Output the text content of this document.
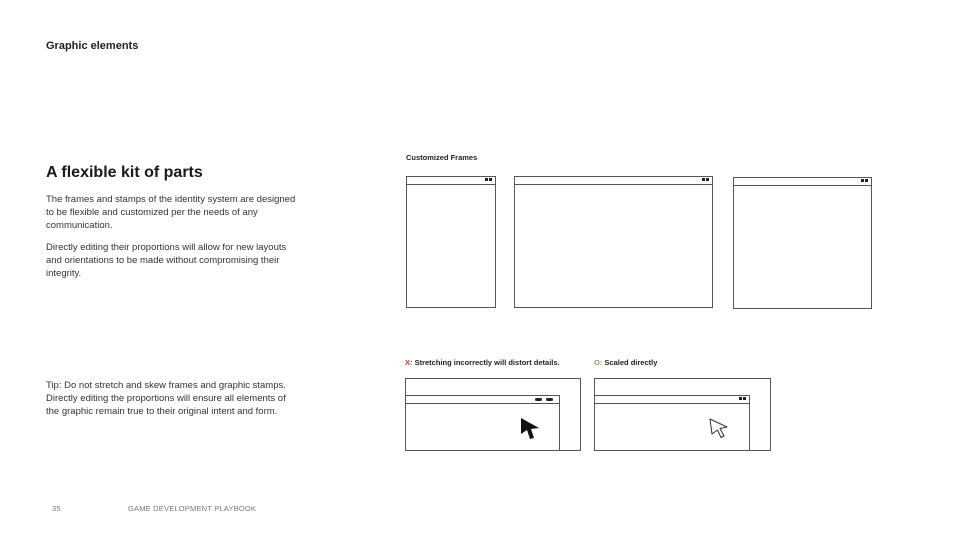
Graphic elements
A flexible kit of parts

The frames and stamps of the identity system are designed to be flexible and customized per the needs of any communication.

Directly editing their proportions will allow for new layouts and orientations to be made without compromising their integrity.

Tip: Do not stretch and skew frames and graphic stamps. Directly editing the proportions will ensure all elements of the graphic remain true to their original intent and form.

Customized Frames
X: Stretching incorrectly will distort details.	O: Scaled directly
35	GAME DEVELOPMENT PLAYBOOK
